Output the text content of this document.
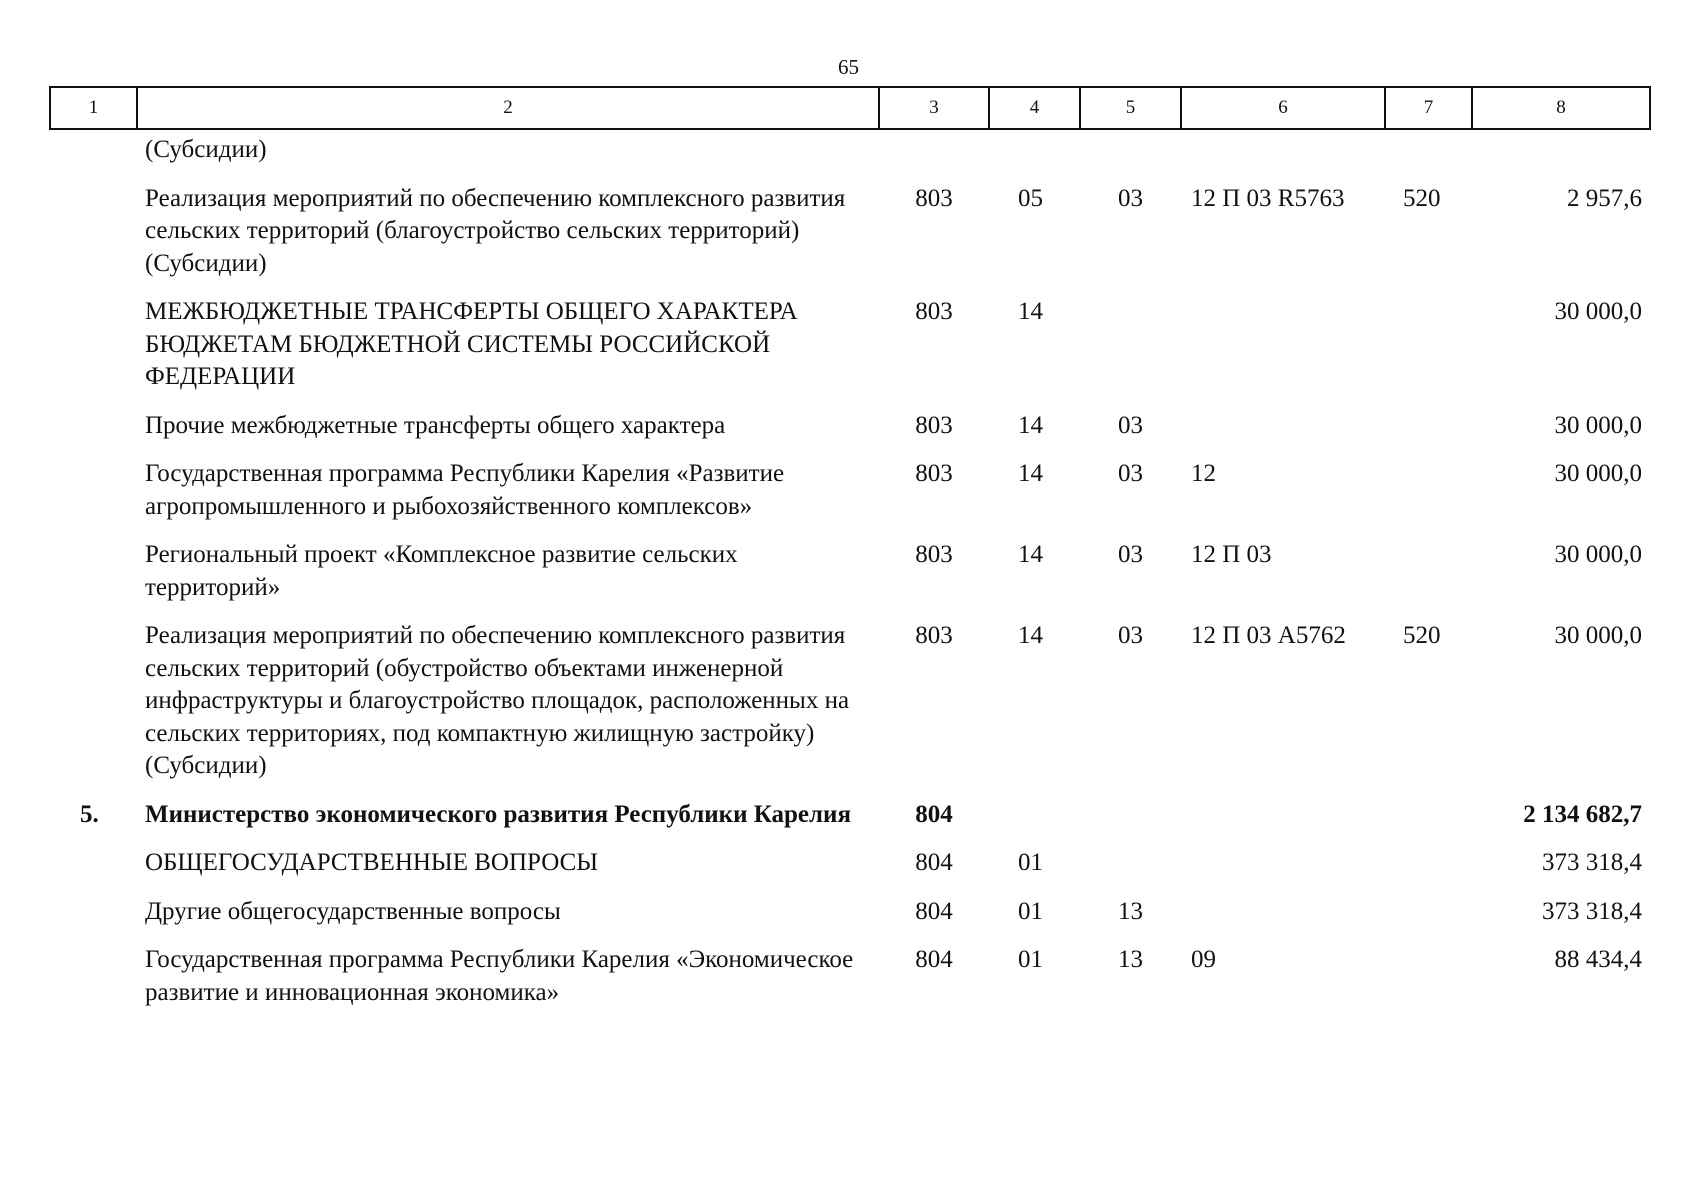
65
1	2	3	4	5	6	7	8
	(Субсидии)						
	Реализация мероприятий по обеспечению комплексного развития сельских территорий (благоустройство сельских территорий) (Субсидии)	803	05	03	12 П 03 R5763	520	2 957,6
	МЕЖБЮДЖЕТНЫЕ ТРАНСФЕРТЫ ОБЩЕГО ХАРАКТЕРА БЮДЖЕТАМ БЮДЖЕТНОЙ СИСТЕМЫ РОССИЙСКОЙ ФЕДЕРАЦИИ	803	14				30 000,0
	Прочие межбюджетные трансферты общего характера	803	14	03			30 000,0
	Государственная программа Республики Карелия «Развитие агропромышленного и рыбохозяйственного комплексов»	803	14	03	12		30 000,0
	Региональный проект «Комплексное развитие сельских территорий»	803	14	03	12 П 03		30 000,0
	Реализация мероприятий по обеспечению комплексного развития сельских территорий (обустройство объектами инженерной инфраструктуры и благоустройство площадок, расположенных на сельских территориях, под компактную жилищную застройку) (Субсидии)	803	14	03	12 П 03 А5762	520	30 000,0
5.	Министерство экономического развития Республики Карелия	804					2 134 682,7
	ОБЩЕГОСУДАРСТВЕННЫЕ ВОПРОСЫ	804	01				373 318,4
	Другие общегосударственные вопросы	804	01	13			373 318,4
	Государственная программа Республики Карелия «Экономическое развитие и инновационная экономика»	804	01	13	09		88 434,4
